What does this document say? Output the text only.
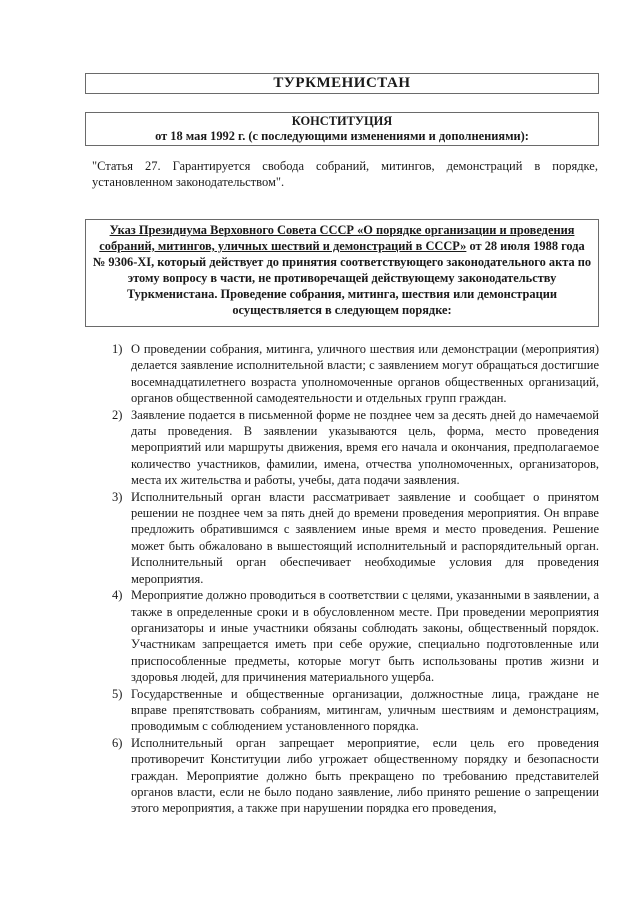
ТУРКМЕНИСТАН
КОНСТИТУЦИЯ
от 18 мая 1992 г. (с последующими изменениями и дополнениями):
"Статья 27. Гарантируется свобода собраний, митингов, демонстраций в порядке, установленном законодательством".
Указ Президиума Верховного Совета СССР «О порядке организации и проведения собраний, митингов, уличных шествий и демонстраций в СССР» от 28 июля 1988 года № 9306-XI, который действует до принятия соответствующего законодательного акта по этому вопросу в части, не противоречащей действующему законодательству Туркменистана. Проведение собрания, митинга, шествия или демонстрации осуществляется в следующем порядке:
1) О проведении собрания, митинга, уличного шествия или демонстрации (мероприятия) делается заявление исполнительной власти; с заявлением могут обращаться достигшие восемнадцатилетнего возраста уполномоченные органов общественных организаций, органов общественной самодеятельности и отдельных групп граждан.
2) Заявление подается в письменной форме не позднее чем за десять дней до намечаемой даты проведения. В заявлении указываются цель, форма, место проведения мероприятий или маршруты движения, время его начала и окончания, предполагаемое количество участников, фамилии, имена, отчества уполномоченных, организаторов, места их жительства и работы, учебы, дата подачи заявления.
3) Исполнительный орган власти рассматривает заявление и сообщает о принятом решении не позднее чем за пять дней до времени проведения мероприятия. Он вправе предложить обратившимся с заявлением иные время и место проведения. Решение может быть обжаловано в вышестоящий исполнительный и распорядительный орган. Исполнительный орган обеспечивает необходимые условия для проведения мероприятия.
4) Мероприятие должно проводиться в соответствии с целями, указанными в заявлении, а также в определенные сроки и в обусловленном месте. При проведении мероприятия организаторы и иные участники обязаны соблюдать законы, общественный порядок. Участникам запрещается иметь при себе оружие, специально подготовленные или приспособленные предметы, которые могут быть использованы против жизни и здоровья людей, для причинения материального ущерба.
5) Государственные и общественные организации, должностные лица, граждане не вправе препятствовать собраниям, митингам, уличным шествиям и демонстрациям, проводимым с соблюдением установленного порядка.
6) Исполнительный орган запрещает мероприятие, если цель его проведения противоречит Конституции либо угрожает общественному порядку и безопасности граждан. Мероприятие должно быть прекращено по требованию представителей органов власти, если не было подано заявление, либо принято решение о запрещении этого мероприятия, а также при нарушении порядка его проведения,
